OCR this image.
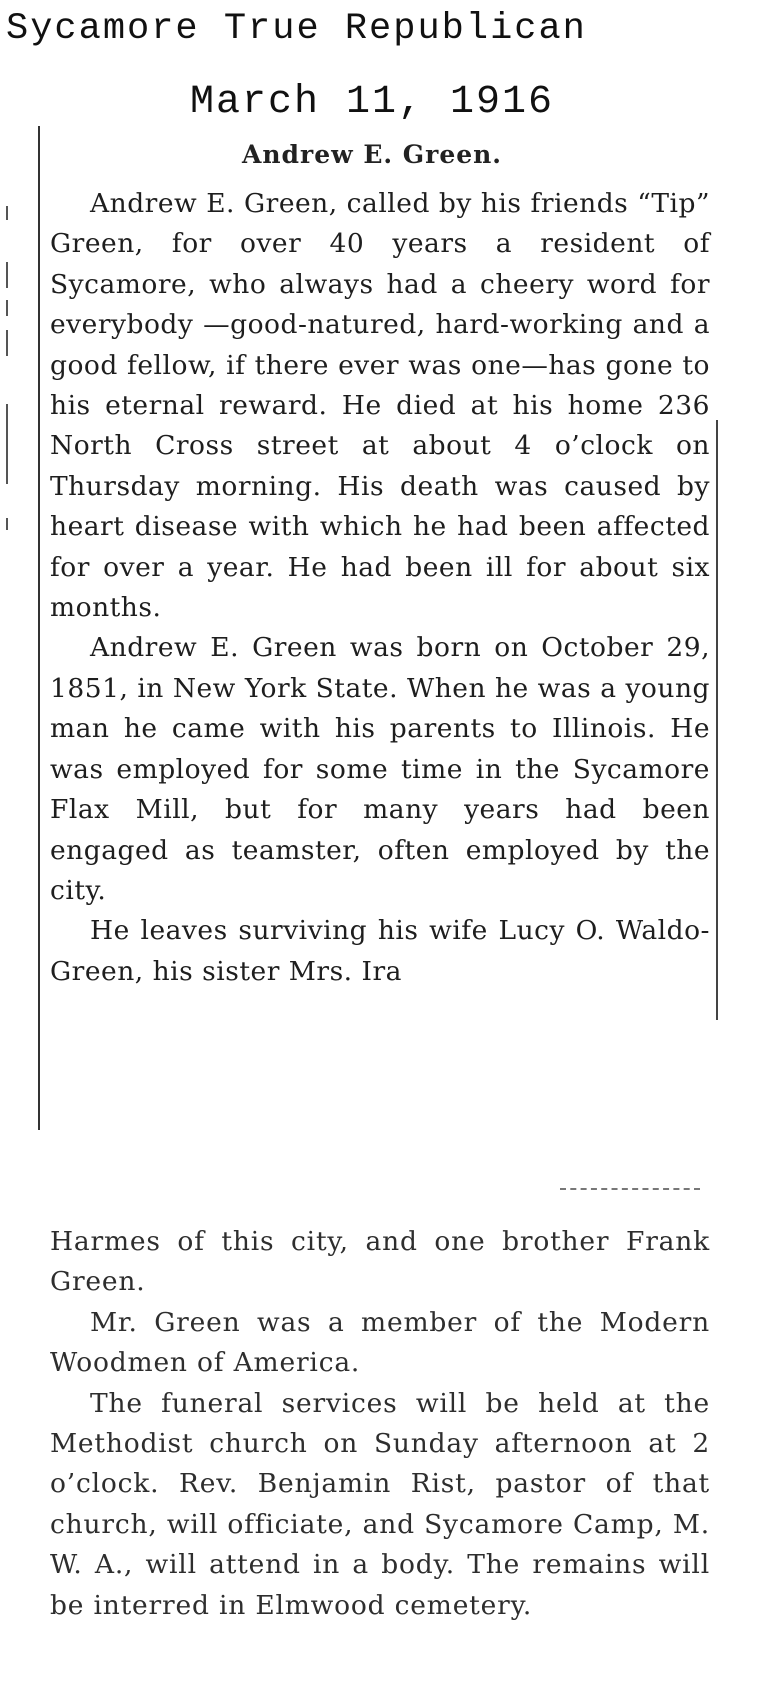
Sycamore True Republican
March 11, 1916
Andrew E. Green.

Andrew E. Green, called by his friends “Tip” Green, for over 40 years a resident of Sycamore, who always had a cheery word for everybody —good-natured, hard-working and a good fellow, if there ever was one—has gone to his eternal reward. He died at his home 236 North Cross street at about 4 o’clock on Thursday morning. His death was caused by heart disease with which he had been affected for over a year. He had been ill for about six months.

Andrew E. Green was born on October 29, 1851, in New York State. When he was a young man he came with his parents to Illinois. He was employed for some time in the Sycamore Flax Mill, but for many years had been engaged as teamster, often employed by the city.

He leaves surviving his wife Lucy O. Waldo-Green, his sister Mrs. Ira

Harmes of this city, and one brother Frank Green.

Mr. Green was a member of the Modern Woodmen of America.

The funeral services will be held at the Methodist church on Sunday afternoon at 2 o’clock. Rev. Benjamin Rist, pastor of that church, will officiate, and Sycamore Camp, M. W. A., will attend in a body. The remains will be interred in Elmwood cemetery.
